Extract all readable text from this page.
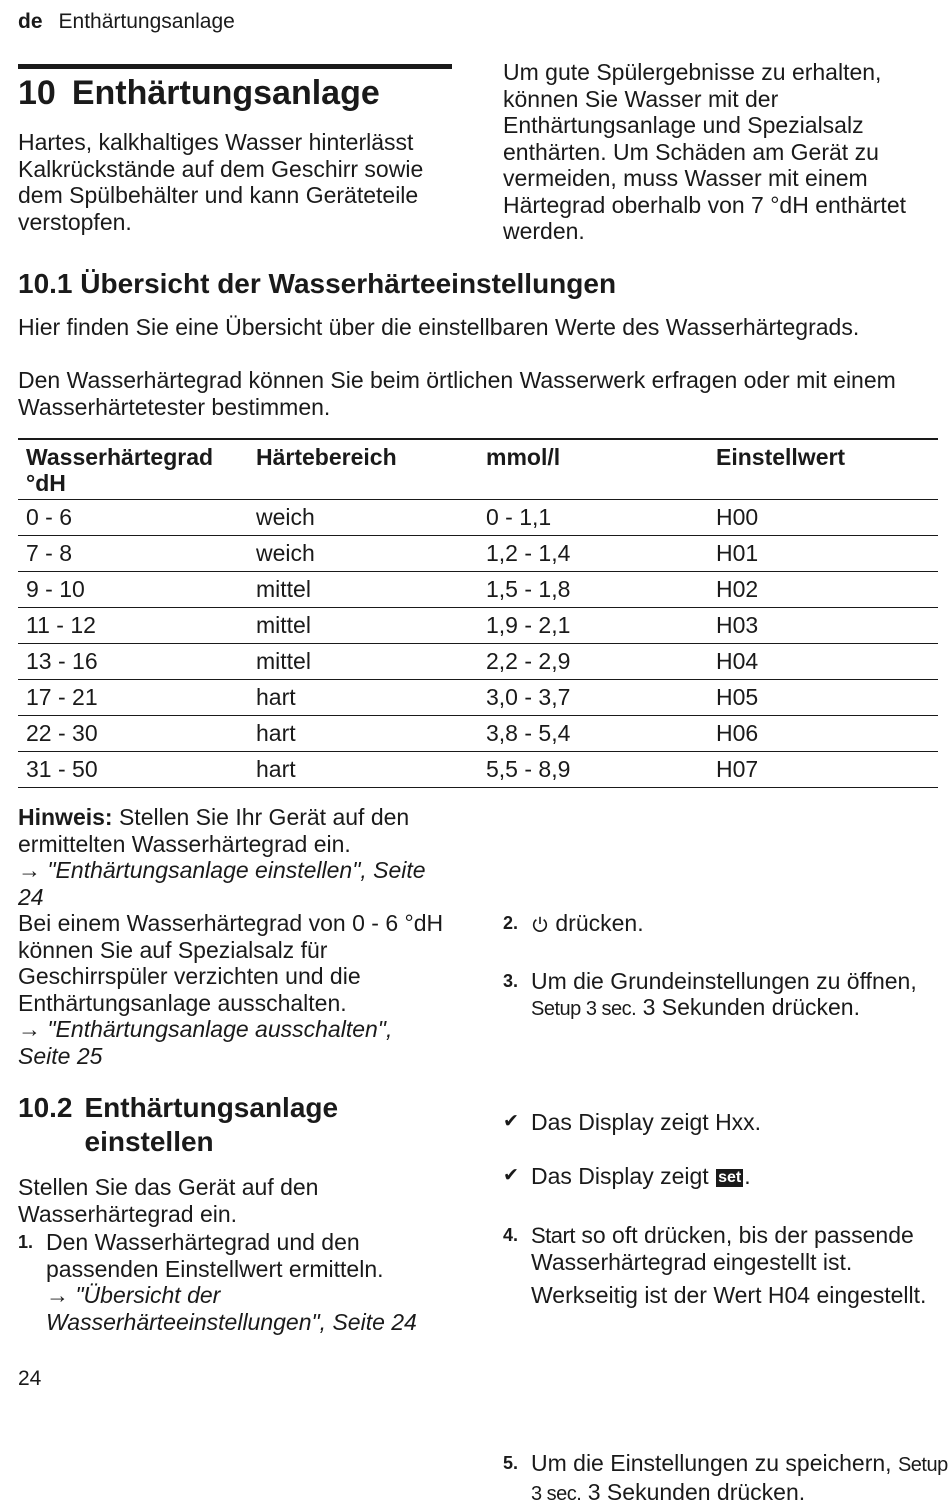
de Enthärtungsanlage
10 Enthärtungsanlage

Hartes, kalkhaltiges Wasser hinterlässt Kalkrückstände auf dem Geschirr sowie dem Spülbehälter und kann Geräteteile verstopfen.

Um gute Spülergebnisse zu erhalten, können Sie Wasser mit der Enthärtungsanlage und Spezialsalz enthärten. Um Schäden am Gerät zu vermeiden, muss Wasser mit einem Härtegrad oberhalb von 7 °dH enthärtet werden.

10.1 Übersicht der Wasserhärteeinstellungen

Hier finden Sie eine Übersicht über die einstellbaren Werte des Wasserhärtegrads.

Den Wasserhärtegrad können Sie beim örtlichen Wasserwerk erfragen oder mit einem Wasserhärtetester bestimmen.

Wasserhärtegrad °dH	Härtebereich	mmol/l	Einstellwert
0 - 6	weich	0 - 1,1	H00
7 - 8	weich	1,2 - 1,4	H01
9 - 10	mittel	1,5 - 1,8	H02
11 - 12	mittel	1,9 - 2,1	H03
13 - 16	mittel	2,2 - 2,9	H04
17 - 21	hart	3,0 - 3,7	H05
22 - 30	hart	3,8 - 5,4	H06
31 - 50	hart	5,5 - 8,9	H07

Hinweis: Stellen Sie Ihr Gerät auf den ermittelten Wasserhärtegrad ein.

→ "Enthärtungsanlage einstellen", Seite 24

Bei einem Wasserhärtegrad von 0 - 6 °dH können Sie auf Spezialsalz für Geschirrspüler verzichten und die Enthärtungsanlage ausschalten.

→ "Enthärtungsanlage ausschalten", Seite 25

10.2 Enthärtungsanlage einstellen

Stellen Sie das Gerät auf den Wasserhärtegrad ein.

1. Den Wasserhärtegrad und den passenden Einstellwert ermitteln.

→ "Übersicht der Wasserhärteeinstellungen", Seite 24

2.	drücken.

3. Um die Grundeinstellungen zu öffnen, Setup 3 sec. 3 Sekunden drücken.

✔ Das Display zeigt Hxx.

✔ Das Display zeigt set .

4. Start so oft drücken, bis der passende Wasserhärtegrad eingestellt ist.

Werkseitig ist der Wert H04 eingestellt.

5. Um die Einstellungen zu speichern, Setup 3 sec. 3 Sekunden drücken.

24
